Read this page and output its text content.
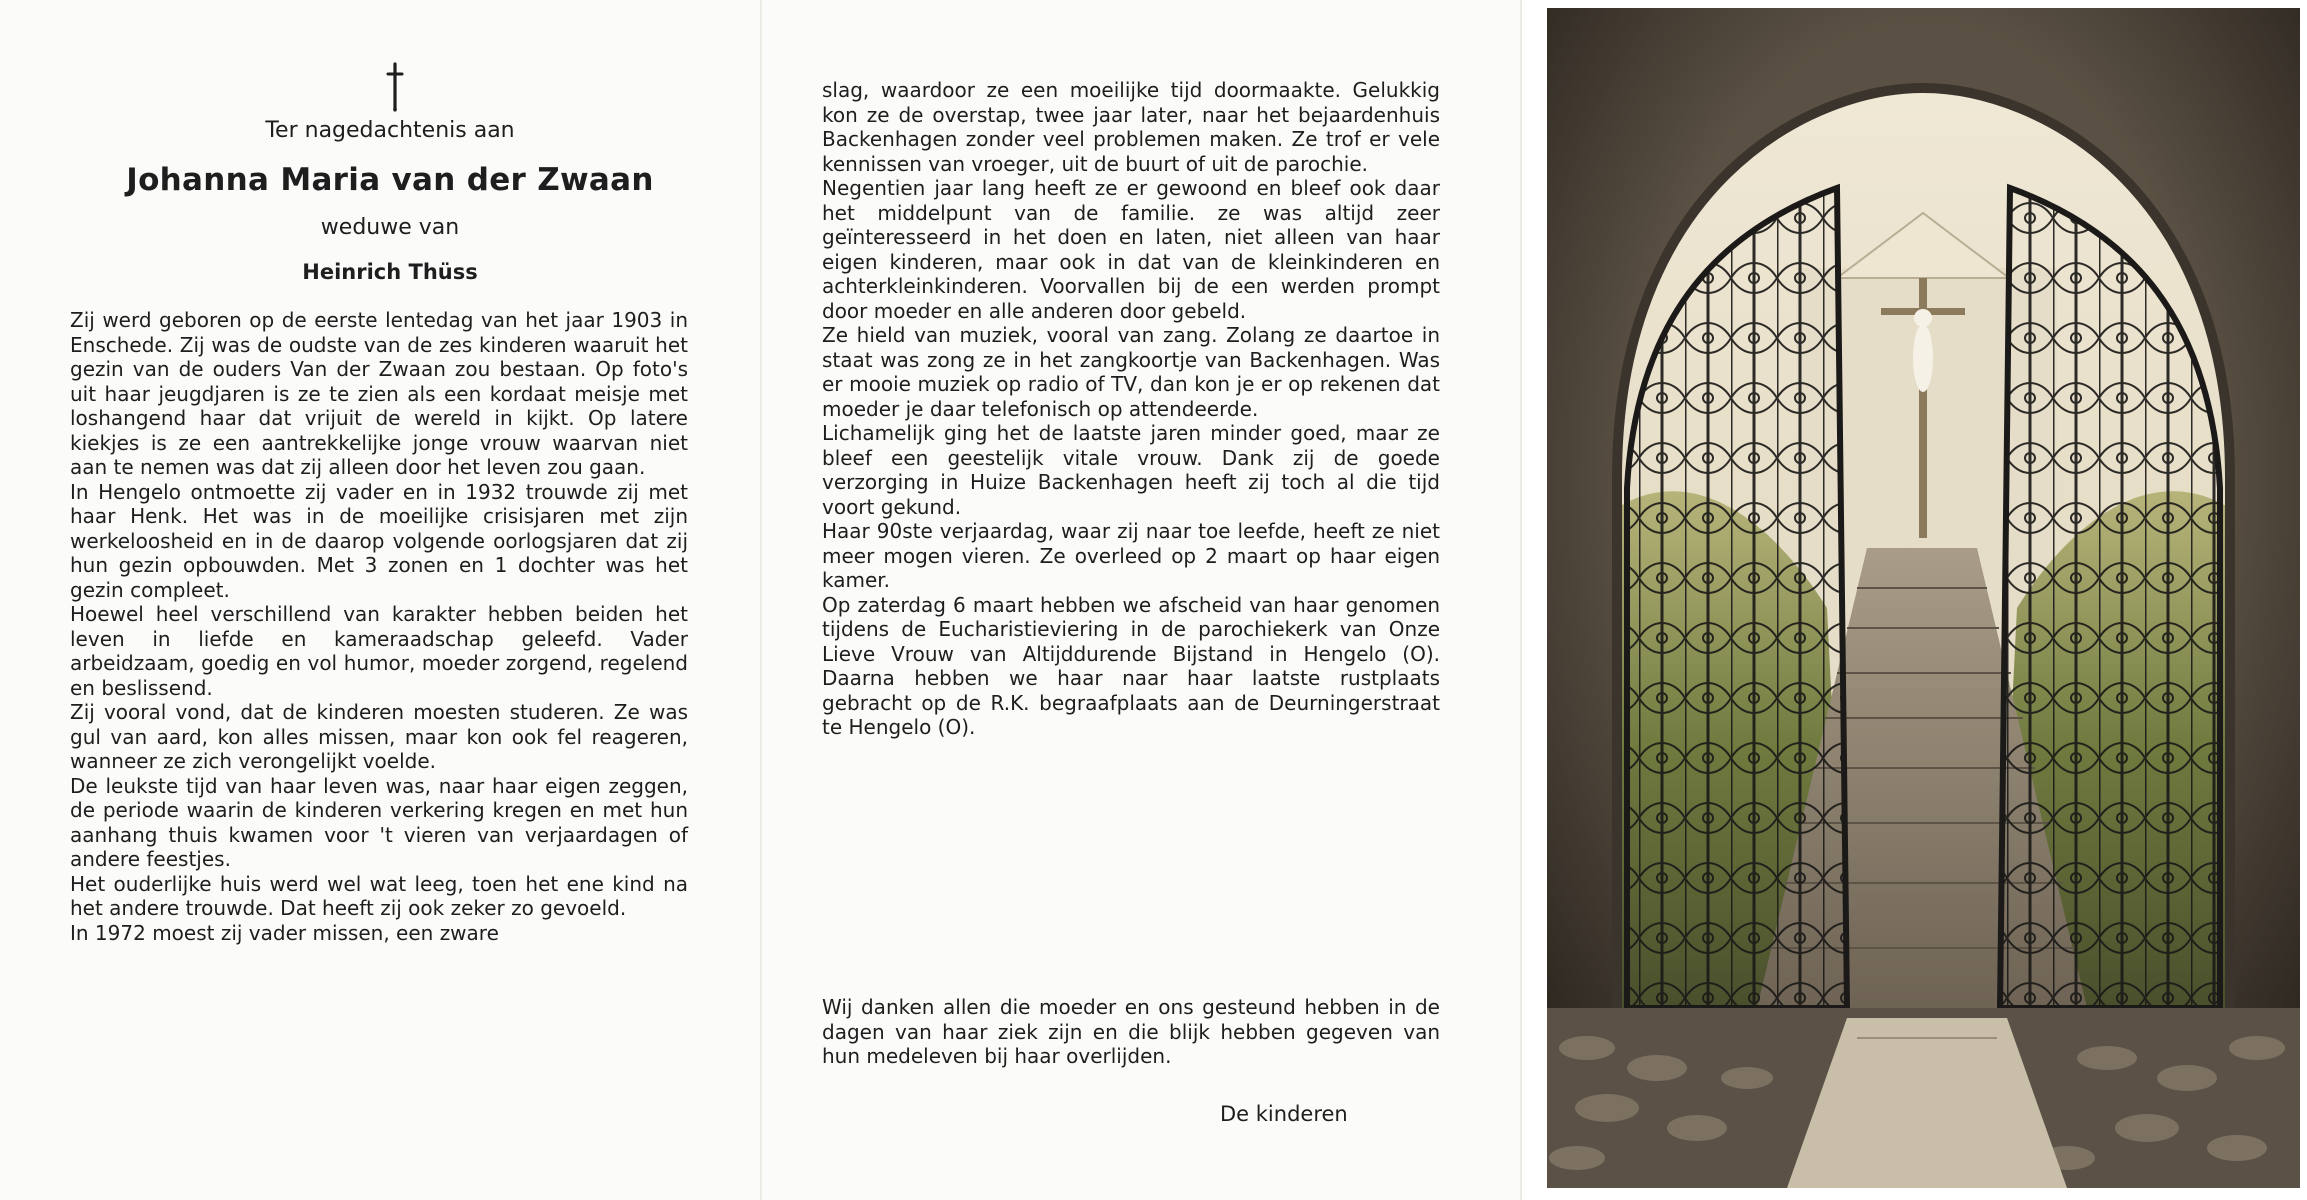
Ter nagedachtenis aan
Johanna Maria van der Zwaan
weduwe van
Heinrich Thüss

Zij werd geboren op de eerste lentedag van het jaar 1903 in Enschede. Zij was de oudste van de zes kinderen waaruit het gezin van de ouders Van der Zwaan zou bestaan. Op foto's uit haar jeugdjaren is ze te zien als een kordaat meisje met loshangend haar dat vrijuit de wereld in kijkt. Op latere kiekjes is ze een aantrekkelijke jonge vrouw waarvan niet aan te nemen was dat zij alleen door het leven zou gaan.

In Hengelo ontmoette zij vader en in 1932 trouwde zij met haar Henk. Het was in de moeilijke crisisjaren met zijn werkeloosheid en in de daarop volgende oorlogsjaren dat zij hun gezin opbouwden. Met 3 zonen en 1 dochter was het gezin compleet.

Hoewel heel verschillend van karakter hebben beiden het leven in liefde en kameraadschap geleefd. Vader arbeidzaam, goedig en vol humor, moeder zorgend, regelend en beslissend.

Zij vooral vond, dat de kinderen moesten studeren. Ze was gul van aard, kon alles missen, maar kon ook fel reageren, wanneer ze zich verongelijkt voelde.

De leukste tijd van haar leven was, naar haar eigen zeggen, de periode waarin de kinderen verkering kregen en met hun aanhang thuis kwamen voor 't vieren van verjaardagen of andere feestjes.

Het ouderlijke huis werd wel wat leeg, toen het ene kind na het andere trouwde. Dat heeft zij ook zeker zo gevoeld.

In 1972 moest zij vader missen, een zware

slag, waardoor ze een moeilijke tijd doormaakte. Gelukkig kon ze de overstap, twee jaar later, naar het bejaardenhuis Backenhagen zonder veel problemen maken. Ze trof er vele kennissen van vroeger, uit de buurt of uit de parochie.

Negentien jaar lang heeft ze er gewoond en bleef ook daar het middelpunt van de familie. ze was altijd zeer geïnteresseerd in het doen en laten, niet alleen van haar eigen kinderen, maar ook in dat van de kleinkinderen en achterkleinkinderen. Voorvallen bij de een werden prompt door moeder en alle anderen door gebeld.

Ze hield van muziek, vooral van zang. Zolang ze daartoe in staat was zong ze in het zangkoortje van Backenhagen. Was er mooie muziek op radio of TV, dan kon je er op rekenen dat moeder je daar telefonisch op attendeerde.

Lichamelijk ging het de laatste jaren minder goed, maar ze bleef een geestelijk vitale vrouw. Dank zij de goede verzorging in Huize Backenhagen heeft zij toch al die tijd voort gekund.

Haar 90ste verjaardag, waar zij naar toe leefde, heeft ze niet meer mogen vieren. Ze overleed op 2 maart op haar eigen kamer.

Op zaterdag 6 maart hebben we afscheid van haar genomen tijdens de Eucharistieviering in de parochiekerk van Onze Lieve Vrouw van Altijddurende Bijstand in Hengelo (O). Daarna hebben we haar naar haar laatste rustplaats gebracht op de R.K. begraafplaats aan de Deurningerstraat te Hengelo (O).

Wij danken allen die moeder en ons gesteund hebben in de dagen van haar ziek zijn en die blijk hebben gegeven van hun medeleven bij haar overlijden.
De kinderen
